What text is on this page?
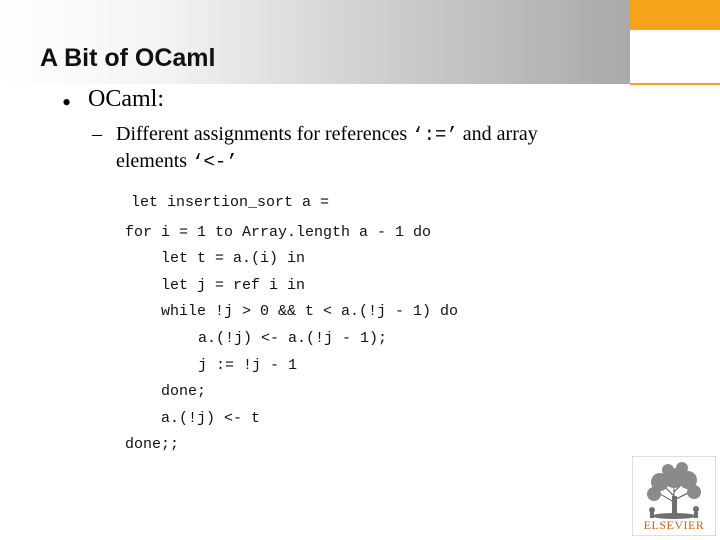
A Bit of OCaml
• OCaml:
– Different assignments for references ‘:=’ and array
elements ‘<-’
let insertion_sort a =
for i = 1 to Array.length a - 1 do
let t = a.(i) in
let j = ref i in
while !j > 0 && t < a.(!j - 1) do
a.(!j) <- a.(!j - 1);
j := !j - 1
done;
a.(!j) <- t
done;;
ELSEVIER
